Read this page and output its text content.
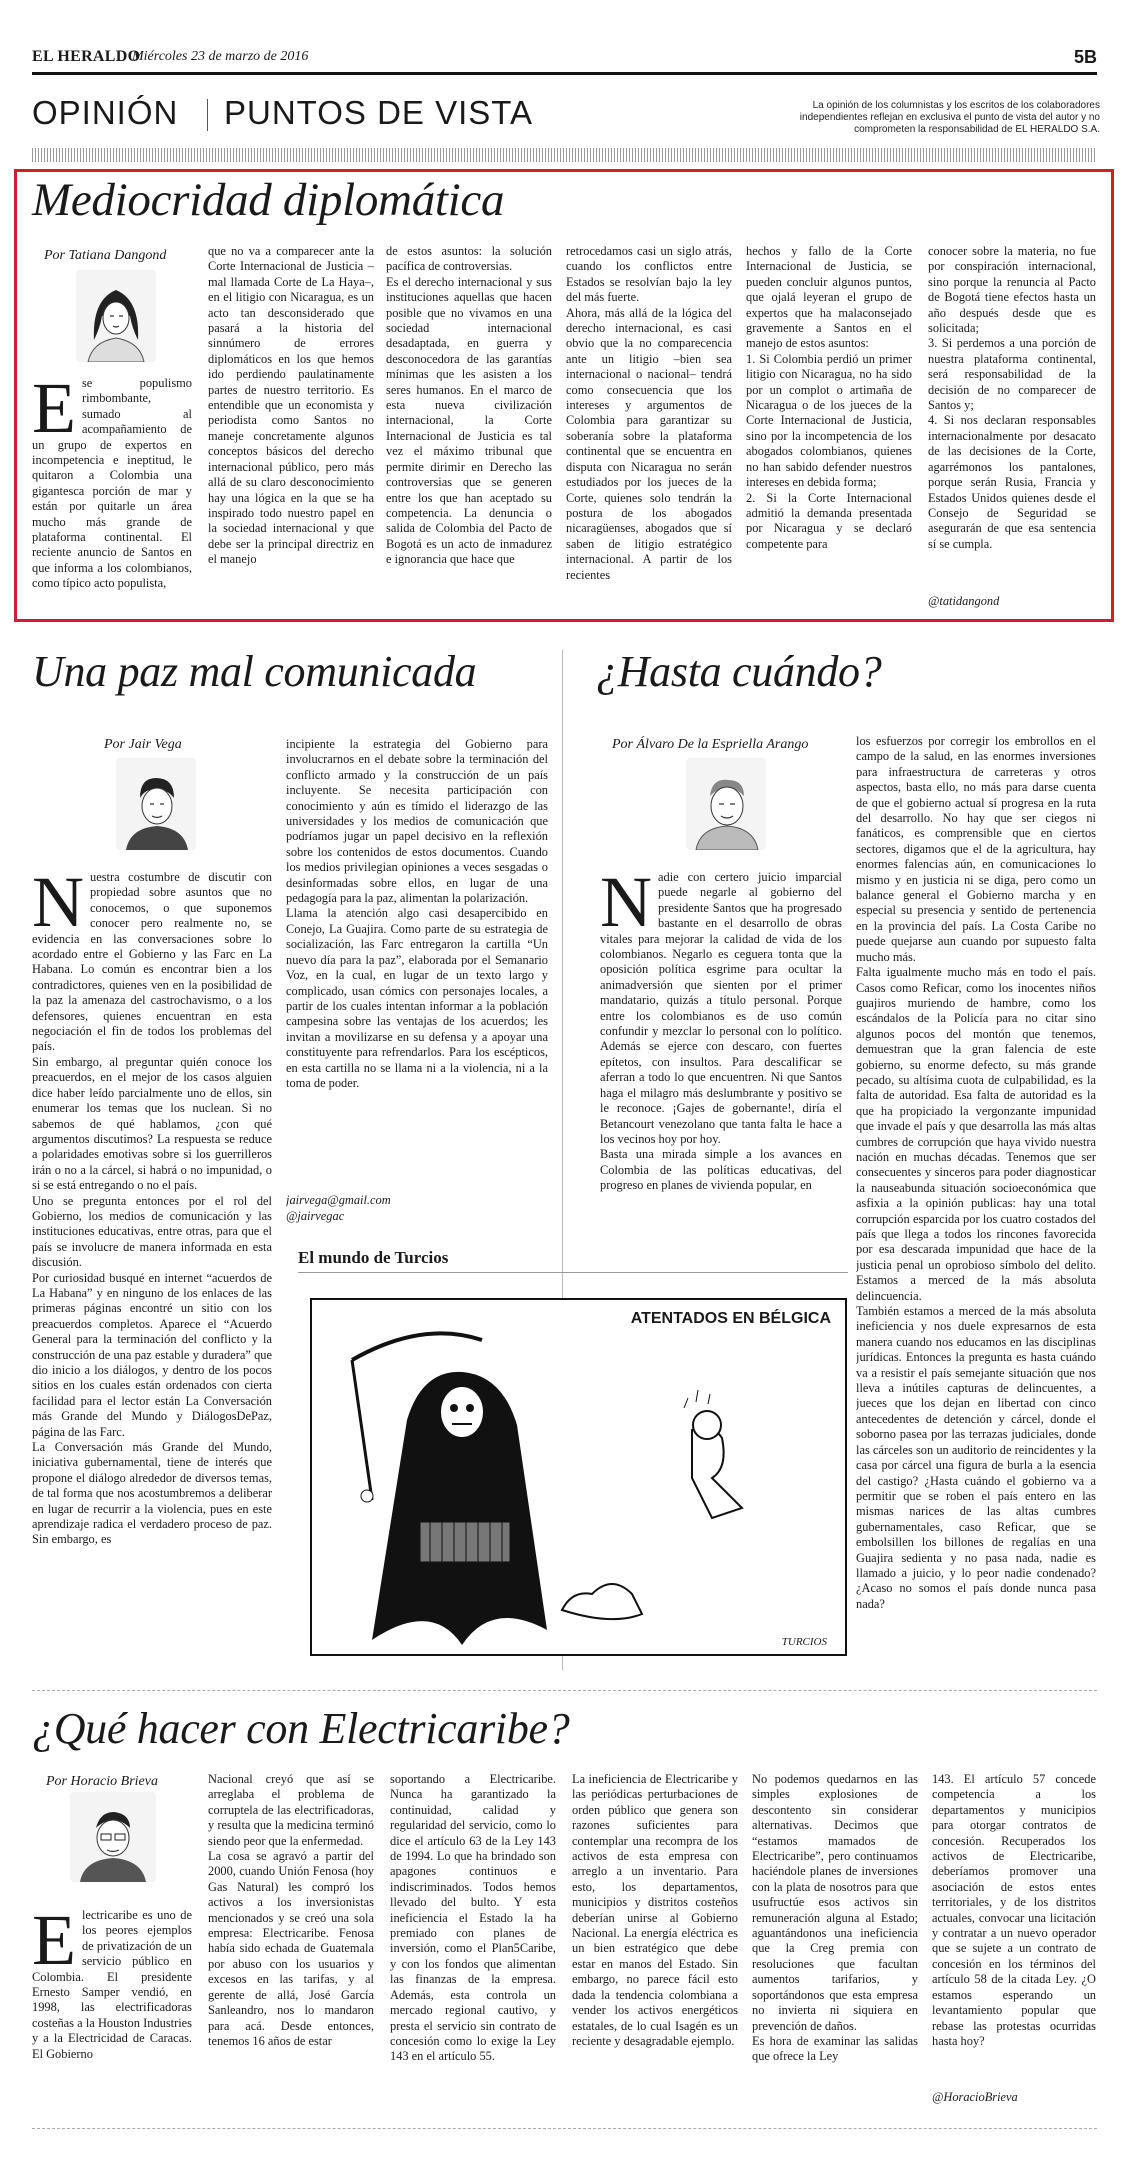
EL HERALDO
Miércoles 23 de marzo de 2016	5B
OPINIÓN PUNTOS DE VISTA	La opinión de los columnistas y los escritos de los colaboradores independientes reflejan en exclusiva el punto de vista del autor y no comprometen la responsabilidad de EL HERALDO S.A.
Mediocridad diplomática
Por Tatiana Dangond
Ese populismo rimbombante, sumado al acompañamiento de un grupo de expertos en incompetencia e ineptitud, le quitaron a Colombia una gigantesca porción de mar y están por quitarle un área mucho más grande de plataforma continental. El reciente anuncio de Santos en que informa a los colombianos, como típico acto populista,
que no va a comparecer ante la Corte Internacional de Justicia –mal llamada Corte de La Haya–, en el litigio con Nicaragua, es un acto tan desconsiderado que pasará a la historia del sinnúmero de errores diplomáticos en los que hemos ido perdiendo paulatinamente partes de nuestro territorio. Es entendible que un economista y periodista como Santos no maneje concretamente algunos conceptos básicos del derecho internacional público, pero más allá de su claro desconocimiento hay una lógica en la que se ha inspirado todo nuestro papel en la sociedad internacional y que debe ser la principal directriz en el manejo
de estos asuntos: la solución pacífica de controversias.
Es el derecho internacional y sus instituciones aquellas que hacen posible que no vivamos en una sociedad internacional desadaptada, en guerra y desconocedora de las garantías mínimas que les asisten a los seres humanos. En el marco de esta nueva civilización internacional, la Corte Internacional de Justicia es tal vez el máximo tribunal que permite dirimir en Derecho las controversias que se generen entre los que han aceptado su competencia. La denuncia o salida de Colombia del Pacto de Bogotá es un acto de inmadurez e ignorancia que hace que
retrocedamos casi un siglo atrás, cuando los conflictos entre Estados se resolvían bajo la ley del más fuerte.
Ahora, más allá de la lógica del derecho internacional, es casi obvio que la no comparecencia ante un litigio –bien sea internacional o nacional– tendrá como consecuencia que los intereses y argumentos de Colombia para garantizar su soberanía sobre la plataforma continental que se encuentra en disputa con Nicaragua no serán estudiados por los jueces de la Corte, quienes solo tendrán la postura de los abogados nicaragüenses, abogados que sí saben de litigio estratégico internacional. A partir de los recientes
hechos y fallo de la Corte Internacional de Justicia, se pueden concluir algunos puntos, que ojalá leyeran el grupo de expertos que ha malaconsejado gravemente a Santos en el manejo de estos asuntos:
1. Si Colombia perdió un primer litigio con Nicaragua, no ha sido por un complot o artimaña de Nicaragua o de los jueces de la Corte Internacional de Justicia, sino por la incompetencia de los abogados colombianos, quienes no han sabido defender nuestros intereses en debida forma;
2. Si la Corte Internacional admitió la demanda presentada por Nicaragua y se declaró competente para
conocer sobre la materia, no fue por conspiración internacional, sino porque la renuncia al Pacto de Bogotá tiene efectos hasta un año después desde que es solicitada;
3. Si perdemos a una porción de nuestra plataforma continental, será responsabilidad de la decisión de no comparecer de Santos y;
4. Si nos declaran responsables internacionalmente por desacato de las decisiones de la Corte, agarrémonos los pantalones, porque serán Rusia, Francia y Estados Unidos quienes desde el Consejo de Seguridad se asegurarán de que esa sentencia sí se cumpla.
@tatidangond
Una paz mal comunicada
Por Jair Vega
Nuestra costumbre de discutir con propiedad sobre asuntos que no conocemos, o que suponemos conocer pero realmente no, se evidencia en las conversaciones sobre lo acordado entre el Gobierno y las Farc en La Habana. Lo común es encontrar bien a los contradictores, quienes ven en la posibilidad de la paz la amenaza del castrochavismo, o a los defensores, quienes encuentran en esta negociación el fin de todos los problemas del país.
Sin embargo, al preguntar quién conoce los preacuerdos, en el mejor de los casos alguien dice haber leído parcialmente uno de ellos, sin enumerar los temas que los nuclean. Si no sabemos de qué hablamos, ¿con qué argumentos discutimos? La respuesta se reduce a polaridades emotivas sobre si los guerrilleros irán o no a la cárcel, si habrá o no impunidad, o si se está entregando o no el país.
Uno se pregunta entonces por el rol del Gobierno, los medios de comunicación y las instituciones educativas, entre otras, para que el país se involucre de manera informada en esta discusión.
Por curiosidad busqué en internet “acuerdos de La Habana” y en ninguno de los enlaces de las primeras páginas encontré un sitio con los preacuerdos completos. Aparece el “Acuerdo General para la terminación del conflicto y la construcción de una paz estable y duradera” que dio inicio a los diálogos, y dentro de los pocos sitios en los cuales están ordenados con cierta facilidad para el lector están La Conversación más Grande del Mundo y DiálogosDePaz, página de las Farc.
La Conversación más Grande del Mundo, iniciativa gubernamental, tiene de interés que propone el diálogo alrededor de diversos temas, de tal forma que nos acostumbremos a deliberar en lugar de recurrir a la violencia, pues en este aprendizaje radica el verdadero proceso de paz. Sin embargo, es
incipiente la estrategia del Gobierno para involucrarnos en el debate sobre la terminación del conflicto armado y la construcción de un país incluyente. Se necesita participación con conocimiento y aún es tímido el liderazgo de las universidades y los medios de comunicación que podríamos jugar un papel decisivo en la reflexión sobre los contenidos de estos documentos. Cuando los medios privilegian opiniones a veces sesgadas o desinformadas sobre ellos, en lugar de una pedagogía para la paz, alimentan la polarización.
Llama la atención algo casi desapercibido en Conejo, La Guajira. Como parte de su estrategia de socialización, las Farc entregaron la cartilla “Un nuevo día para la paz”, elaborada por el Semanario Voz, en la cual, en lugar de un texto largo y complicado, usan cómics con personajes locales, a partir de los cuales intentan informar a la población campesina sobre las ventajas de los acuerdos; les invitan a movilizarse en su defensa y a apoyar una constituyente para refrendarlos. Para los escépticos, en esta cartilla no se llama ni a la violencia, ni a la toma de poder.
jairvega@gmail.com
@jairvegac
El mundo de Turcios
ATENTADOS EN BÉLGICA
TURCIOS
¿Hasta cuándo?
Por Álvaro De la Espriella Arango
Nadie con certero juicio imparcial puede negarle al gobierno del presidente Santos que ha progresado bastante en el desarrollo de obras vitales para mejorar la calidad de vida de los colombianos. Negarlo es ceguera tonta que la oposición política esgrime para ocultar la animadversión que sienten por el primer mandatario, quizás a título personal. Porque entre los colombianos es de uso común confundir y mezclar lo personal con lo político. Además se ejerce con descaro, con fuertes epítetos, con insultos. Para descalificar se aferran a todo lo que encuentren. Ni que Santos haga el milagro más deslumbrante y positivo se le reconoce. ¡Gajes de gobernante!, diría el Betancourt venezolano que tanta falta le hace a los vecinos hoy por hoy.
Basta una mirada simple a los avances en Colombia de las políticas educativas, del progreso en planes de vivienda popular, en
los esfuerzos por corregir los embrollos en el campo de la salud, en las enormes inversiones para infraestructura de carreteras y otros aspectos, basta ello, no más para darse cuenta de que el gobierno actual sí progresa en la ruta del desarrollo. No hay que ser ciegos ni fanáticos, es comprensible que en ciertos sectores, digamos que el de la agricultura, hay enormes falencias aún, en comunicaciones lo mismo y en justicia ni se diga, pero como un balance general el Gobierno marcha y en especial su presencia y sentido de pertenencia en la provincia del país. La Costa Caribe no puede quejarse aun cuando por supuesto falta mucho más.
Falta igualmente mucho más en todo el país. Casos como Reficar, como los inocentes niños guajiros muriendo de hambre, como los escándalos de la Policía para no citar sino algunos pocos del montón que tenemos, demuestran que la gran falencia de este gobierno, su enorme defecto, su más grande pecado, su altísima cuota de culpabilidad, es la falta de autoridad. Esa falta de autoridad es la que ha propiciado la vergonzante impunidad que invade el país y que desarrolla las más altas cumbres de corrupción que haya vivido nuestra nación en muchas décadas. Tenemos que ser consecuentes y sinceros para poder diagnosticar la nauseabunda situación socioeconómica que asfixia a la opinión publicas: hay una total corrupción esparcida por los cuatro costados del país que llega a todos los rincones favorecida por esa descarada impunidad que hace de la justicia penal un oprobioso símbolo del delito. Estamos a merced de la más absoluta delincuencia.
También estamos a merced de la más absoluta ineficiencia y nos duele expresarnos de esta manera cuando nos educamos en las disciplinas jurídicas. Entonces la pregunta es hasta cuándo va a resistir el país semejante situación que nos lleva a inútiles capturas de delincuentes, a jueces que los dejan en libertad con cinco antecedentes de detención y cárcel, donde el soborno pasea por las terrazas judiciales, donde las cárceles son un auditorio de reincidentes y la casa por cárcel una figura de burla a la esencia del castigo? ¿Hasta cuándo el gobierno va a permitir que se roben el país entero en las mismas narices de las altas cumbres gubernamentales, caso Reficar, que se embolsillen los billones de regalías en una Guajira sedienta y no pasa nada, nadie es llamado a juicio, y lo peor nadie condenado? ¿Acaso no somos el país donde nunca pasa nada?
¿Qué hacer con Electricaribe?
Por Horacio Brieva
Electricaribe es uno de los peores ejemplos de privatización de un servicio público en Colombia. El presidente Ernesto Samper vendió, en 1998, las electrificadoras costeñas a la Houston Industries y a la Electricidad de Caracas. El Gobierno
Nacional creyó que así se arreglaba el problema de corruptela de las electrificadoras, y resulta que la medicina terminó siendo peor que la enfermedad.
La cosa se agravó a partir del 2000, cuando Unión Fenosa (hoy Gas Natural) les compró los activos a los inversionistas mencionados y se creó una sola empresa: Electricaribe. Fenosa había sido echada de Guatemala por abuso con los usuarios y excesos en las tarifas, y al gerente de allá, José García Sanleandro, nos lo mandaron para acá. Desde entonces, tenemos 16 años de estar
soportando a Electricaribe. Nunca ha garantizado la continuidad, calidad y regularidad del servicio, como lo dice el artículo 63 de la Ley 143 de 1994. Lo que ha brindado son apagones continuos e indiscriminados. Todos hemos llevado del bulto. Y esta ineficiencia el Estado la ha premiado con planes de inversión, como el Plan5Caribe, y con los fondos que alimentan las finanzas de la empresa. Además, esta controla un mercado regional cautivo, y presta el servicio sin contrato de concesión como lo exige la Ley 143 en el artículo 55.
La ineficiencia de Electricaribe y las periódicas perturbaciones de orden público que genera son razones suficientes para contemplar una recompra de los activos de esta empresa con arreglo a un inventario. Para esto, los departamentos, municipios y distritos costeños deberían unirse al Gobierno Nacional. La energía eléctrica es un bien estratégico que debe estar en manos del Estado. Sin embargo, no parece fácil esto dada la tendencia colombiana a vender los activos energéticos estatales, de lo cual Isagén es un reciente y desagradable ejemplo.
No podemos quedarnos en las simples explosiones de descontento sin considerar alternativas. Decimos que “estamos mamados de Electricaribe”, pero continuamos haciéndole planes de inversiones con la plata de nosotros para que usufructúe esos activos sin remuneración alguna al Estado; aguantándonos una ineficiencia que la Creg premia con resoluciones que facultan aumentos tarifarios, y soportándonos que esta empresa no invierta ni siquiera en prevención de daños.
Es hora de examinar las salidas que ofrece la Ley
143. El artículo 57 concede competencia a los departamentos y municipios para otorgar contratos de concesión. Recuperados los activos de Electricaribe, deberíamos promover una asociación de estos entes territoriales, y de los distritos actuales, convocar una licitación y contratar a un nuevo operador que se sujete a un contrato de concesión en los términos del artículo 58 de la citada Ley. ¿O estamos esperando un levantamiento popular que rebase las protestas ocurridas hasta hoy?
@HoracioBrieva
